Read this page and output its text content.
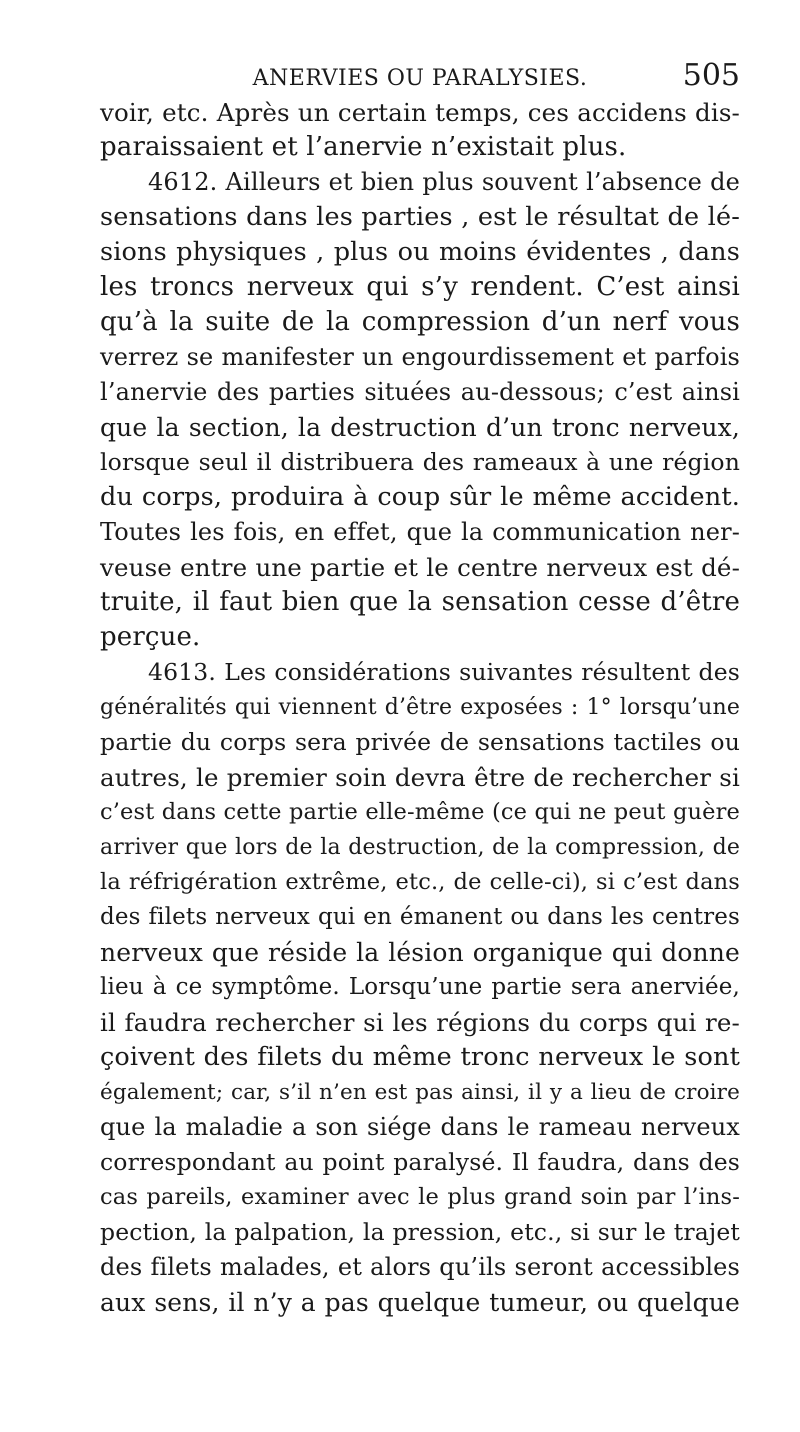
ANERVIES OU PARALYSIES.	505
voir, etc. Après un certain temps, ces accidens dis-
paraissaient et l’anervie n’existait plus.
4612. Ailleurs et bien plus souvent l’absence de
sensations dans les parties , est le résultat de lé-
sions physiques , plus ou moins évidentes , dans
les troncs nerveux qui s’y rendent. C’est ainsi
qu’à la suite de la compression d’un nerf vous
verrez se manifester un engourdissement et parfois
l’anervie des parties situées au-dessous; c’est ainsi
que la section, la destruction d’un tronc nerveux,
lorsque seul il distribuera des rameaux à une région
du corps, produira à coup sûr le même accident.
Toutes les fois, en effet, que la communication ner-
veuse entre une partie et le centre nerveux est dé-
truite, il faut bien que la sensation cesse d’être
perçue.
4613. Les considérations suivantes résultent des
généralités qui viennent d’être exposées : 1° lorsqu’une
partie du corps sera privée de sensations tactiles ou
autres, le premier soin devra être de rechercher si
c’est dans cette partie elle-même (ce qui ne peut guère
arriver que lors de la destruction, de la compression, de
la réfrigération extrême, etc., de celle-ci), si c’est dans
des filets nerveux qui en émanent ou dans les centres
nerveux que réside la lésion organique qui donne
lieu à ce symptôme. Lorsqu’une partie sera anerviée,
il faudra rechercher si les régions du corps qui re-
çoivent des filets du même tronc nerveux le sont
également; car, s’il n’en est pas ainsi, il y a lieu de croire
que la maladie a son siége dans le rameau nerveux
correspondant au point paralysé. Il faudra, dans des
cas pareils, examiner avec le plus grand soin par l’ins-
pection, la palpation, la pression, etc., si sur le trajet
des filets malades, et alors qu’ils seront accessibles
aux sens, il n’y a pas quelque tumeur, ou quelque
